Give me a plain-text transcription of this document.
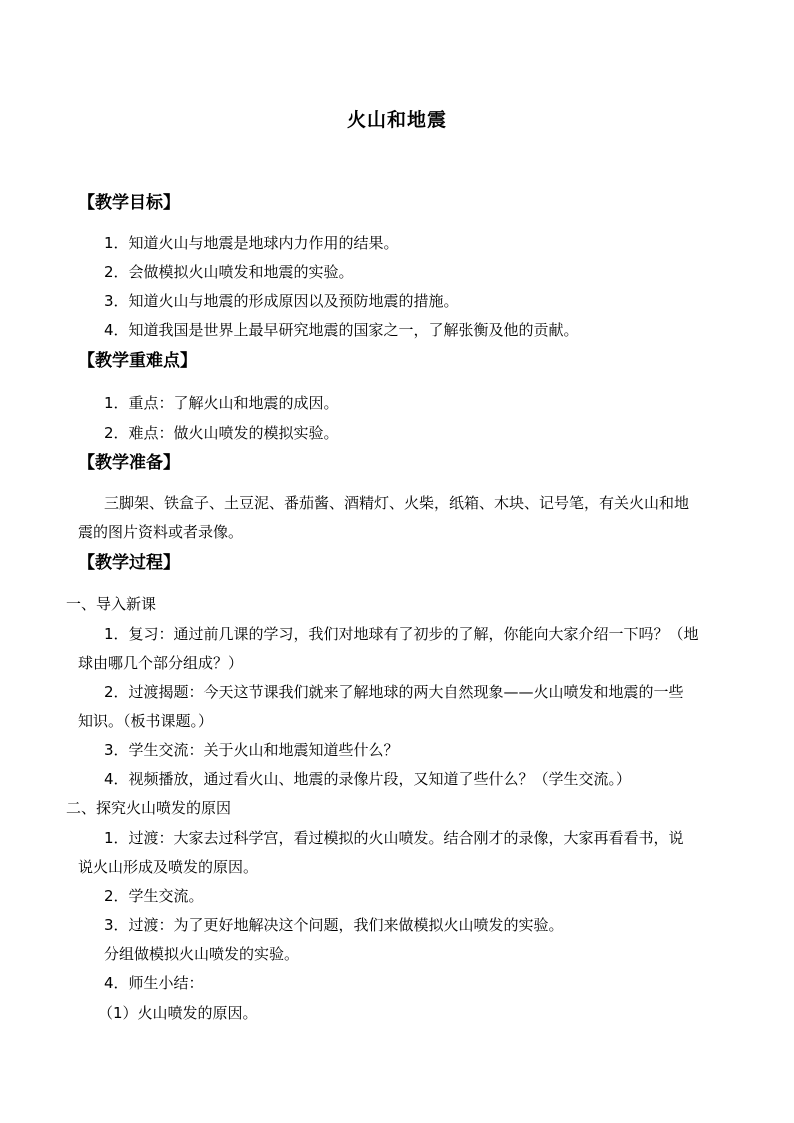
火山和地震
【教学目标】
1．知道火山与地震是地球内力作用的结果。
2．会做模拟火山喷发和地震的实验。
3．知道火山与地震的形成原因以及预防地震的措施。
4．知道我国是世界上最早研究地震的国家之一，了解张衡及他的贡献。
【教学重难点】
1．重点：了解火山和地震的成因。
2．难点：做火山喷发的模拟实验。
【教学准备】
三脚架、铁盒子、土豆泥、番茄酱、酒精灯、火柴，纸箱、木块、记号笔，有关火山和地
震的图片资料或者录像。
【教学过程】
一、导入新课
1．复习：通过前几课的学习，我们对地球有了初步的了解，你能向大家介绍一下吗？（地
球由哪几个部分组成？）
2．过渡揭题：今天这节课我们就来了解地球的两大自然现象——火山喷发和地震的一些
知识。（板书课题。）
3．学生交流：关于火山和地震知道些什么？
4．视频播放，通过看火山、地震的录像片段，又知道了些什么？（学生交流。）
二、探究火山喷发的原因
1．过渡：大家去过科学宫，看过模拟的火山喷发。结合刚才的录像，大家再看看书，说
说火山形成及喷发的原因。
2．学生交流。
3．过渡：为了更好地解决这个问题，我们来做模拟火山喷发的实验。
分组做模拟火山喷发的实验。
4．师生小结：
（1）火山喷发的原因。
